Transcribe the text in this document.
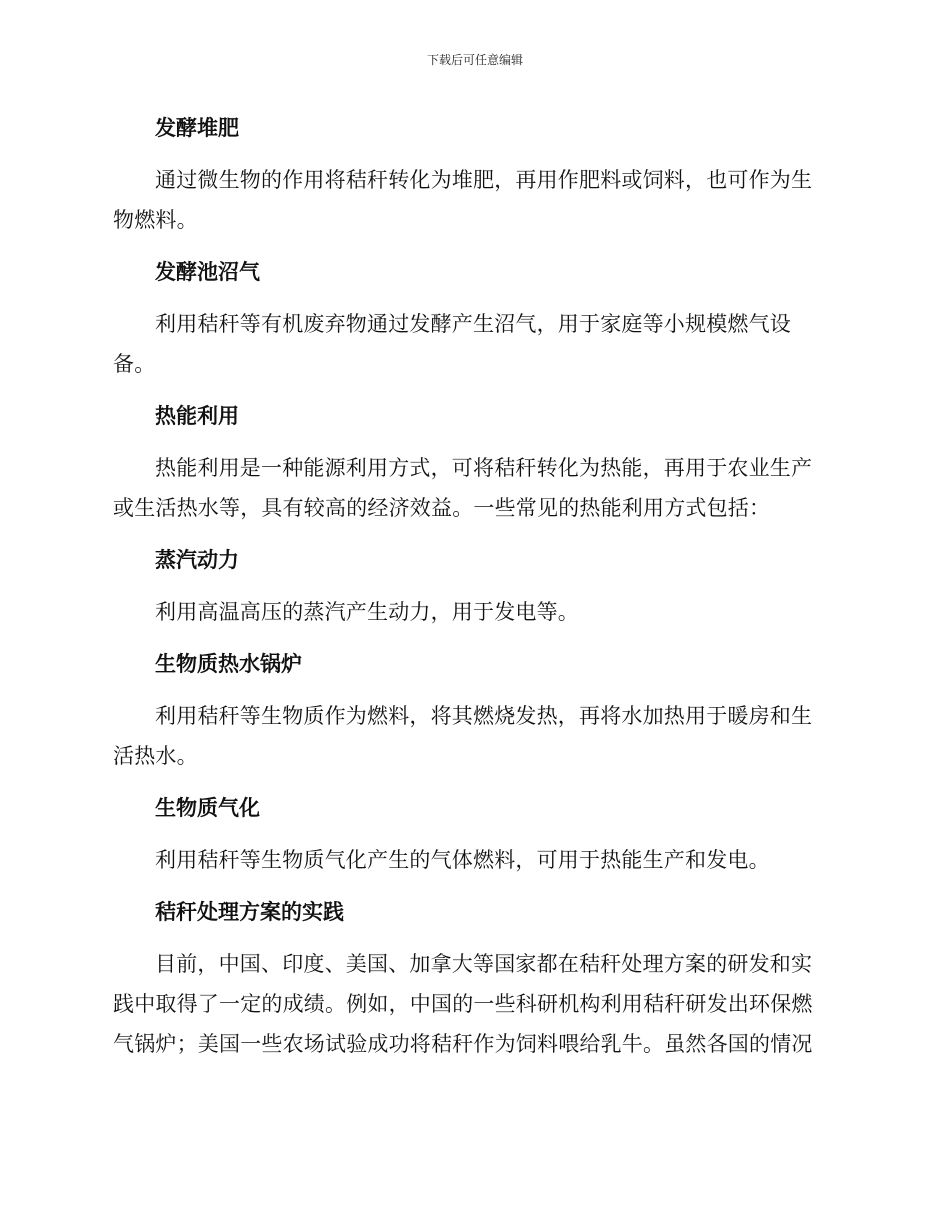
下载后可任意编辑
发酵堆肥
通过微生物的作用将秸秆转化为堆肥，再用作肥料或饲料，也可作为生物燃料。
发酵池沼气
利用秸秆等有机废弃物通过发酵产生沼气，用于家庭等小规模燃气设备。
热能利用
热能利用是一种能源利用方式，可将秸秆转化为热能，再用于农业生产或生活热水等，具有较高的经济效益。一些常见的热能利用方式包括：
蒸汽动力
利用高温高压的蒸汽产生动力，用于发电等。
生物质热水锅炉
利用秸秆等生物质作为燃料，将其燃烧发热，再将水加热用于暖房和生活热水。
生物质气化
利用秸秆等生物质气化产生的气体燃料，可用于热能生产和发电。
秸秆处理方案的实践
目前，中国、印度、美国、加拿大等国家都在秸秆处理方案的研发和实践中取得了一定的成绩。例如，中国的一些科研机构利用秸秆研发出环保燃气锅炉；美国一些农场试验成功将秸秆作为饲料喂给乳牛。虽然各国的情况
